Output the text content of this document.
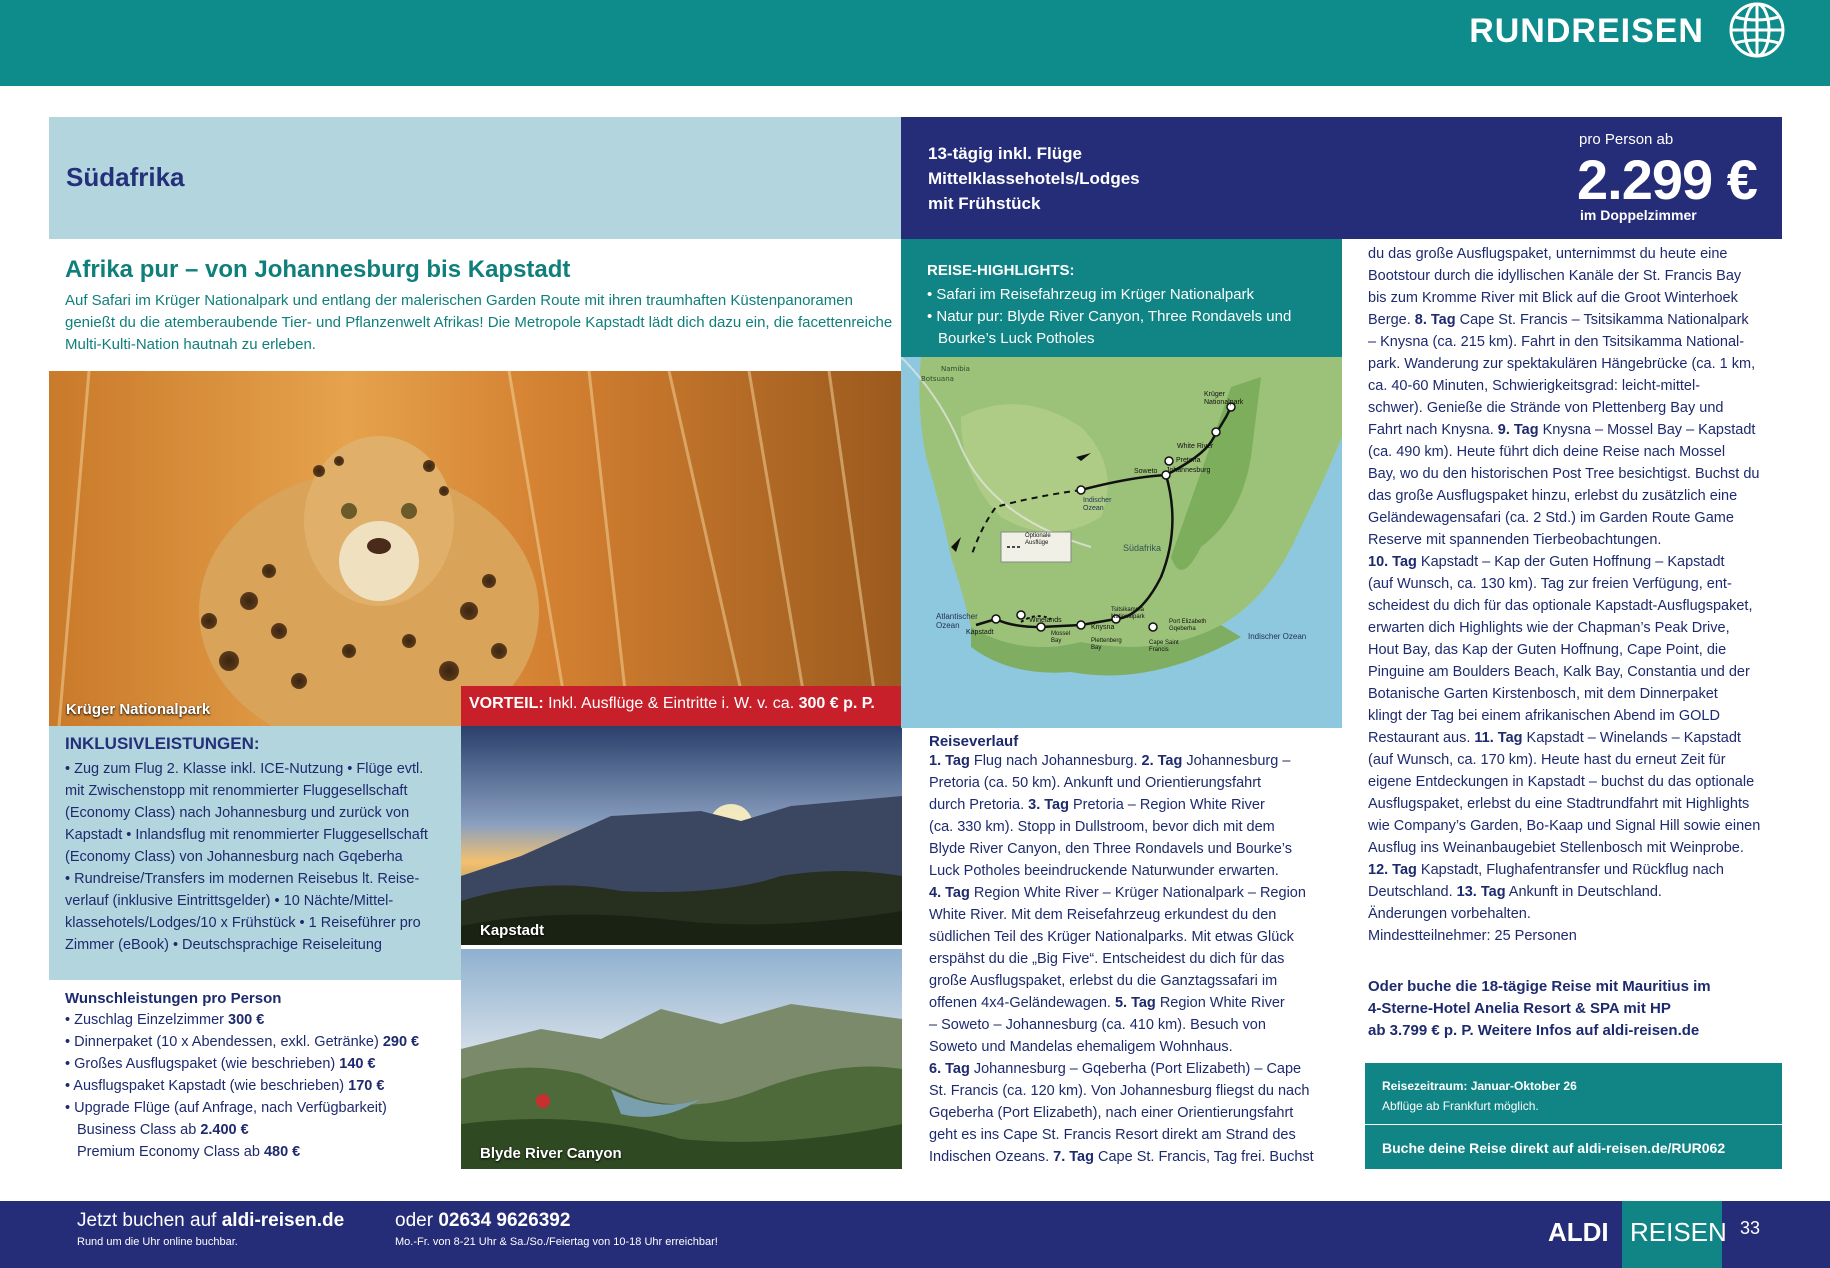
RUNDREISEN
Südafrika
13-tägig inkl. Flüge
Mittelklassehotels/Lodges
mit Frühstück
pro Person ab
2.299 €
im Doppelzimmer
Afrika pur – von Johannesburg bis Kapstadt
Auf Safari im Krüger Nationalpark und entlang der malerischen Garden Route mit ihren traumhaften Küstenpanoramen genießt du die atemberaubende Tier- und Pflanzenwelt Afrikas! Die Metropole Kapstadt lädt dich dazu ein, die facettenreiche Multi-Kulti-Nation hautnah zu erleben.
Krüger Nationalpark	VORTEIL: Inkl. Ausflüge & Eintritte i. W. v. ca. 300 € p. P.
Kapstadt
Blyde River Canyon
INKLUSIVLEISTUNGEN:
• Zug zum Flug 2. Klasse inkl. ICE-Nutzung • Flüge evtl.
mit Zwischenstopp mit renommierter Fluggesellschaft
(Economy Class) nach Johannesburg und zurück von
Kapstadt • Inlandsflug mit renommierter Fluggesellschaft
(Economy Class) von Johannesburg nach Gqeberha
• Rundreise/Transfers im modernen Reisebus lt. Reise-
verlauf (inklusive Eintrittsgelder) • 10 Nächte/Mittel-
klassehotels/Lodges/10 x Frühstück • 1 Reiseführer pro
Zimmer (eBook) • Deutschsprachige Reiseleitung
Wunschleistungen pro Person
• Zuschlag Einzelzimmer 300 €
• Dinnerpaket (10 x Abendessen, exkl. Getränke) 290 €
• Großes Ausflugspaket (wie beschrieben) 140 €
• Ausflugspaket Kapstadt (wie beschrieben) 170 €
• Upgrade Flüge (auf Anfrage, nach Verfügbarkeit)
Business Class ab 2.400 €
Premium Economy Class ab 480 €
REISE-HIGHLIGHTS:
• Safari im Reisefahrzeug im Krüger Nationalpark
• Natur pur: Blyde River Canyon, Three Rondavels und
Bourke’s Luck Potholes
Namibia
Botsuana
Krüger Nationalpark
White River
Pretoria
Soweto Johannesburg
Südafrika
Indischer Ozean
Atlantischer Ozean
Indischer Ozean
Optionale Ausflüge
Winelands
Kapstadt	Mossel Bay
Knysna
Tsitsikamma Nationalpark
Plettenberg Bay
Port Elizabeth Gqeberha
Cape Saint Francis
Reiseverlauf
1. Tag Flug nach Johannesburg. 2. Tag Johannesburg –
Pretoria (ca. 50 km). Ankunft und Orientierungsfahrt
durch Pretoria. 3. Tag Pretoria – Region White River
(ca. 330 km). Stopp in Dullstroom, bevor dich mit dem
Blyde River Canyon, den Three Rondavels und Bourke’s
Luck Potholes beeindruckende Naturwunder erwarten.
4. Tag Region White River – Krüger Nationalpark – Region
White River. Mit dem Reisefahrzeug erkundest du den
südlichen Teil des Krüger Nationalparks. Mit etwas Glück
erspähst du die „Big Five“. Entscheidest du dich für das
große Ausflugspaket, erlebst du die Ganztagssafari im
offenen 4x4-Geländewagen. 5. Tag Region White River
– Soweto – Johannesburg (ca. 410 km). Besuch von
Soweto und Mandelas ehemaligem Wohnhaus.
6. Tag Johannesburg – Gqeberha (Port Elizabeth) – Cape
St. Francis (ca. 120 km). Von Johannesburg fliegst du nach
Gqeberha (Port Elizabeth), nach einer Orientierungsfahrt
geht es ins Cape St. Francis Resort direkt am Strand des
Indischen Ozeans. 7. Tag Cape St. Francis, Tag frei. Buchst
du das große Ausflugspaket, unternimmst du heute eine
Bootstour durch die idyllischen Kanäle der St. Francis Bay
bis zum Kromme River mit Blick auf die Groot Winterhoek
Berge. 8. Tag Cape St. Francis – Tsitsikamma Nationalpark
– Knysna (ca. 215 km). Fahrt in den Tsitsikamma National-
park. Wanderung zur spektakulären Hängebrücke (ca. 1 km,
ca. 40-60 Minuten, Schwierigkeitsgrad: leicht-mittel-
schwer). Genieße die Strände von Plettenberg Bay und
Fahrt nach Knysna. 9. Tag Knysna – Mossel Bay – Kapstadt
(ca. 490 km). Heute führt dich deine Reise nach Mossel
Bay, wo du den historischen Post Tree besichtigst. Buchst du
das große Ausflugspaket hinzu, erlebst du zusätzlich eine
Geländewagensafari (ca. 2 Std.) im Garden Route Game
Reserve mit spannenden Tierbeobachtungen.
10. Tag Kapstadt – Kap der Guten Hoffnung – Kapstadt
(auf Wunsch, ca. 130 km). Tag zur freien Verfügung, ent-
scheidest du dich für das optionale Kapstadt-Ausflugspaket,
erwarten dich Highlights wie der Chapman’s Peak Drive,
Hout Bay, das Kap der Guten Hoffnung, Cape Point, die
Pinguine am Boulders Beach, Kalk Bay, Constantia und der
Botanische Garten Kirstenbosch, mit dem Dinnerpaket
klingt der Tag bei einem afrikanischen Abend im GOLD
Restaurant aus. 11. Tag Kapstadt – Winelands – Kapstadt
(auf Wunsch, ca. 170 km). Heute hast du erneut Zeit für
eigene Entdeckungen in Kapstadt – buchst du das optionale
Ausflugspaket, erlebst du eine Stadtrundfahrt mit Highlights
wie Company’s Garden, Bo-Kaap und Signal Hill sowie einen
Ausflug ins Weinanbaugebiet Stellenbosch mit Weinprobe.
12. Tag Kapstadt, Flughafentransfer und Rückflug nach
Deutschland. 13. Tag Ankunft in Deutschland.
Änderungen vorbehalten.
Mindestteilnehmer: 25 Personen
Oder buche die 18-tägige Reise mit Mauritius im
4-Sterne-Hotel Anelia Resort & SPA mit HP
ab 3.799 € p. P. Weitere Infos auf aldi-reisen.de
Reisezeitraum: Januar-Oktober 26
Abflüge ab Frankfurt möglich.
Buche deine Reise direkt auf aldi-reisen.de/RUR062
Jetzt buchen auf aldi-reisen.de
Rund um die Uhr online buchbar.
oder 02634 9626392
Mo.-Fr. von 8-21 Uhr & Sa./So./Feiertag von 10-18 Uhr erreichbar!	ALDI	33
REISEN
